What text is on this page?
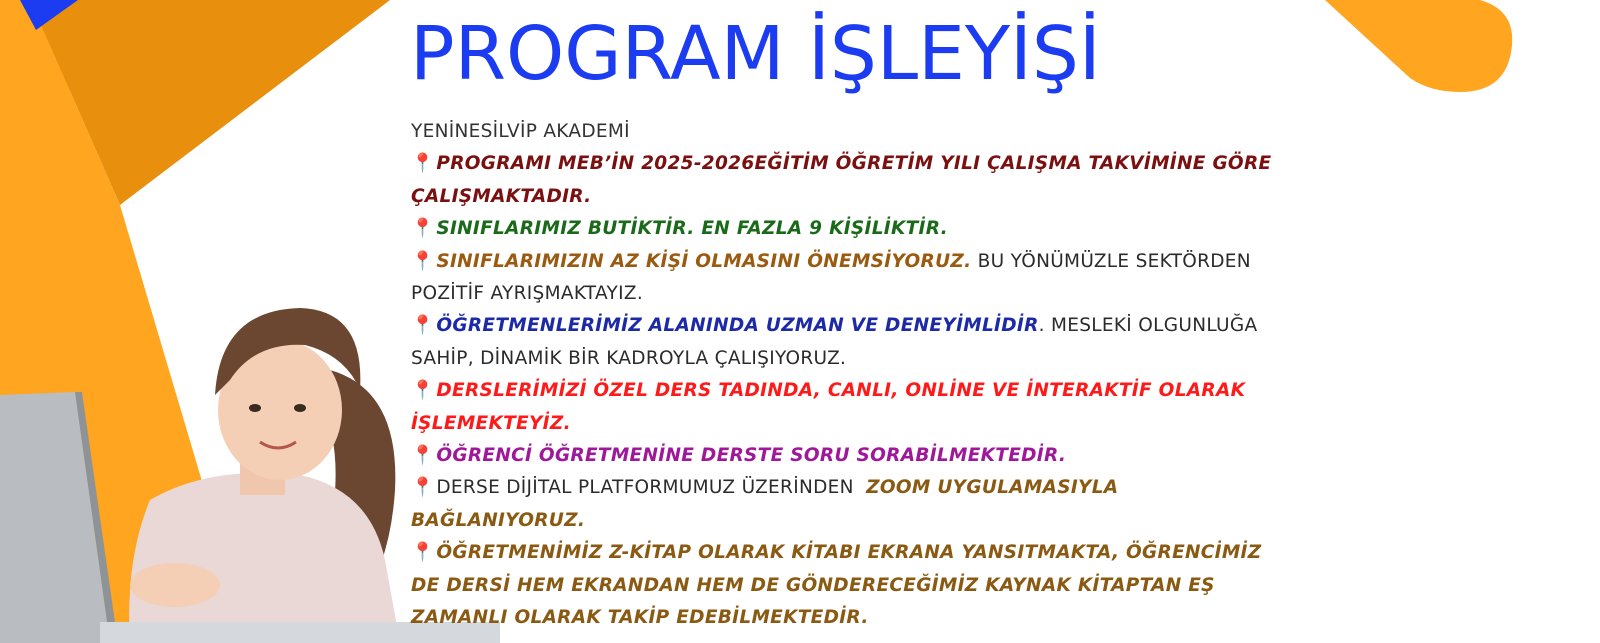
PROGRAM İŞLEYİŞİ

YENİNESİLVİP AKADEMİ

📍 PROGRAMI MEB’İN 2025-2026EĞİTİM ÖĞRETİM YILI ÇALIŞMA TAKVİMİNE GÖRE ÇALIŞMAKTADIR.

📍 SINIFLARIMIZ BUTİKTİR. EN FAZLA 9 KİŞİLİKTİR.

📍 SINIFLARIMIZIN AZ KİŞİ OLMASINI ÖNEMSİYORUZ. BU YÖNÜMÜZLE SEKTÖRDEN POZİTİF AYRIŞMAKTAYIZ.

📍 ÖĞRETMENLERİMİZ ALANINDA UZMAN VE DENEYİMLİDİR. MESLEKİ OLGUNLUĞA SAHİP, DİNAMİK BİR KADROYLA ÇALIŞIYORUZ.

📍 DERSLERİMİZİ ÖZEL DERS TADINDA, CANLI, ONLİNE VE İNTERAKTİF OLARAK İŞLEMEKTEYİZ.

📍 ÖĞRENCİ ÖĞRETMENİNE DERSTE SORU SORABİLMEKTEDİR.

📍 DERSE DİJİTAL PLATFORMUMUZ ÜZERİNDEN  ZOOM UYGULAMASIYLA BAĞLANIYORUZ.

📍 ÖĞRETMENİMİZ Z-KİTAP OLARAK KİTABI EKRANA YANSITMAKTA, ÖĞRENCİMİZ DE DERSİ HEM EKRANDAN HEM DE GÖNDERECEĞİMİZ KAYNAK KİTAPTAN EŞ ZAMANLI OLARAK TAKİP EDEBİLMEKTEDİR.
